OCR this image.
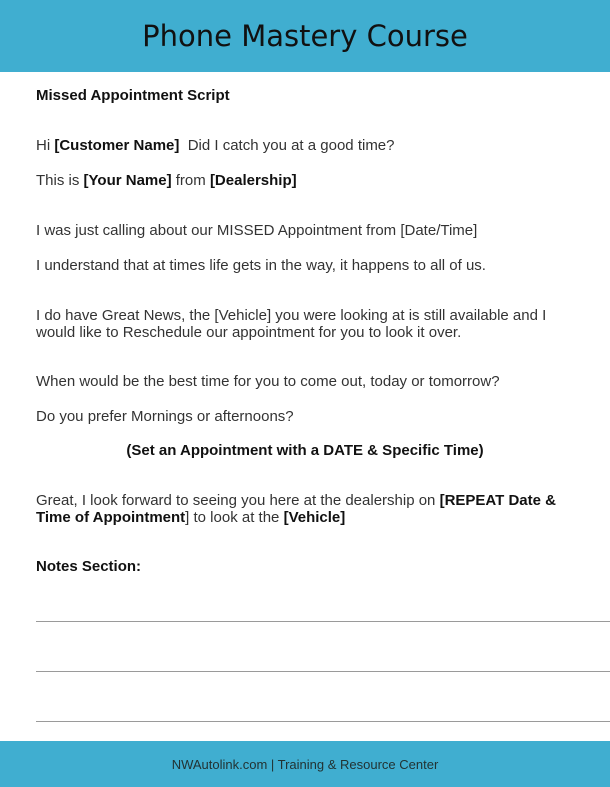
Phone Mastery Course
Missed Appointment Script
Hi [Customer Name]  Did I catch you at a good time?
This is [Your Name] from [Dealership]
I was just calling about our MISSED Appointment from [Date/Time]
I understand that at times life gets in the way, it happens to all of us.
I do have Great News, the [Vehicle] you were looking at is still available and I would like to Reschedule our appointment for you to look it over.
When would be the best time for you to come out, today or tomorrow?
Do you prefer Mornings or afternoons?
(Set an Appointment with a DATE & Specific Time)
Great, I look forward to seeing you here at the dealership on [REPEAT Date & Time of Appointment] to look at the [Vehicle]
Notes Section:
NWAutolink.com | Training & Resource Center
